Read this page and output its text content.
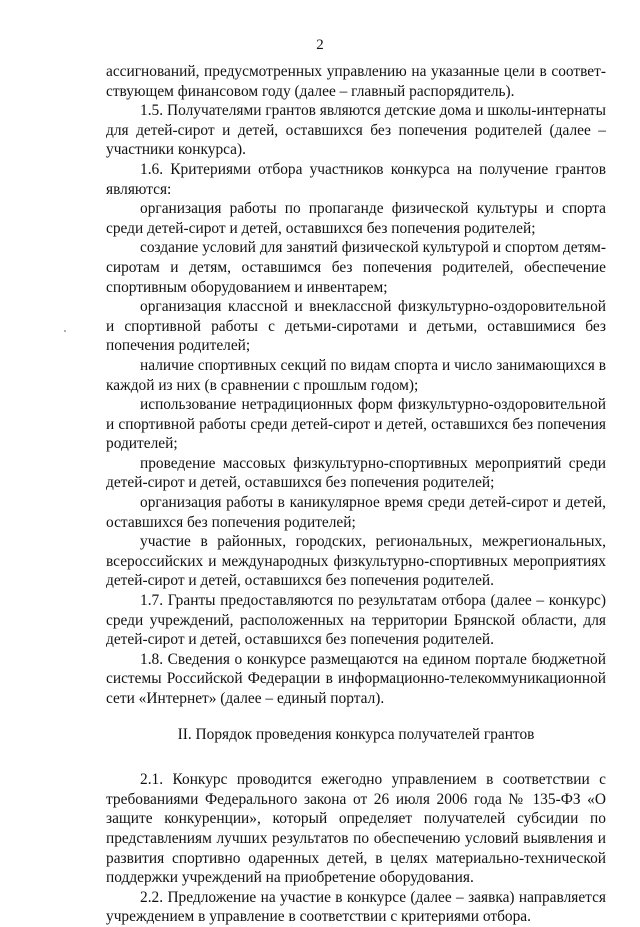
2

ассигнований, предусмотренных управлению на указанные цели в соответствующем финансовом году (далее – главный распорядитель).

1.5. Получателями грантов являются детские дома и школы-интернаты для детей-сирот и детей, оставшихся без попечения родителей (далее – участники конкурса).

1.6. Критериями отбора участников конкурса на получение грантов являются:

организация работы по пропаганде физической культуры и спорта среди детей-сирот и детей, оставшихся без попечения родителей;

создание условий для занятий физической культурой и спортом детям-сиротам и детям, оставшимся без попечения родителей, обеспечение спортивным оборудованием и инвентарем;

организация классной и внеклассной физкультурно-оздоровительной и спортивной работы с детьми-сиротами и детьми, оставшимися без попечения родителей;

наличие спортивных секций по видам спорта и число занимающихся в каждой из них (в сравнении с прошлым годом);

использование нетрадиционных форм физкультурно-оздоровительной и спортивной работы среди детей-сирот и детей, оставшихся без попечения родителей;

проведение массовых физкультурно-спортивных мероприятий среди детей-сирот и детей, оставшихся без попечения родителей;

организация работы в каникулярное время среди детей-сирот и детей, оставшихся без попечения родителей;

участие в районных, городских, региональных, межрегиональных, всероссийских и международных физкультурно-спортивных мероприятиях детей-сирот и детей, оставшихся без попечения родителей.

1.7. Гранты предоставляются по результатам отбора (далее – конкурс) среди учреждений, расположенных на территории Брянской области, для детей-сирот и детей, оставшихся без попечения родителей.

1.8. Сведения о конкурсе размещаются на едином портале бюджетной системы Российской Федерации в информационно-телекоммуникационной сети «Интернет» (далее – единый портал).

II. Порядок проведения конкурса получателей грантов

2.1. Конкурс проводится ежегодно управлением в соответствии с требованиями Федерального закона от 26 июля 2006 года № 135-ФЗ «О защите конкуренции», который определяет получателей субсидии по представлениям лучших результатов по обеспечению условий выявления и развития спортивно одаренных детей, в целях материально-технической поддержки учреждений на приобретение оборудования.

2.2. Предложение на участие в конкурсе (далее – заявка) направляется учреждением в управление в соответствии с критериями отбора.
